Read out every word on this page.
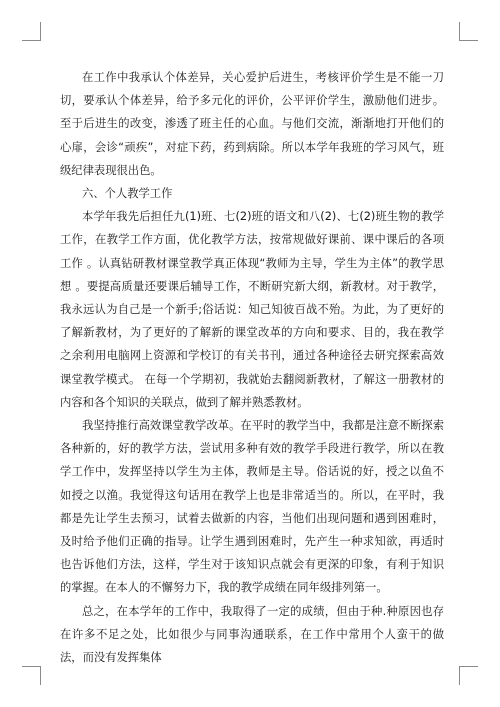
在工作中我承认个体差异，关心爱护后进生，考核评价学生是不能一刀切，要承认个体差异，给予多元化的评价，公平评价学生，激励他们进步。至于后进生的改变，渗透了班主任的心血。与他们交流，渐渐地打开他们的心扉，会诊“顽疾”，对症下药，药到病除。所以本学年我班的学习风气，班级纪律表现很出色。

六、个人教学工作

本学年我先后担任九(1)班、七(2)班的语文和八(2)、七(2)班生物的教学工作，在教学工作方面，优化教学方法，按常规做好课前、课中课后的各项工作 。认真钻研教材课堂教学真正体现“教师为主导，学生为主体”的教学思想 。要提高质量还要课后辅导工作，不断研究新大纲，新教材。对于教学，我永远认为自己是一个新手;俗话说：知己知彼百战不殆。为此，为了更好的了解新教材，为了更好的了解新的课堂改革的方向和要求、目的，我在教学之余利用电脑网上资源和学校订的有关书刊，通过各种途径去研究探索高效课堂教学模式。 在每一个学期初，我就始去翻阅新教材，了解这一册教材的内容和各个知识的关联点，做到了解并熟悉教材。

我坚持推行高效课堂教学改革。在平时的教学当中，我都是注意不断探索各种新的，好的教学方法，尝试用多种有效的教学手段进行教学，所以在教学工作中，发挥坚持以学生为主体，教师是主导。俗话说的好，授之以鱼不如授之以渔。我觉得这句话用在教学上也是非常适当的。所以，在平时，我都是先让学生去预习，试着去做新的内容，当他们出现问题和遇到困难时，及时给予他们正确的指导。让学生遇到困难时，先产生一种求知欲，再适时也告诉他们方法，这样，学生对于该知识点就会有更深的印象，有利于知识的掌握。在本人的不懈努力下，我的教学成绩在同年级排列第一。

总之，在本学年的工作中，我取得了一定的成绩，但由于种.种原因也存在许多不足之处，比如很少与同事沟通联系，在工作中常用个人蛮干的做法，而没有发挥集体
